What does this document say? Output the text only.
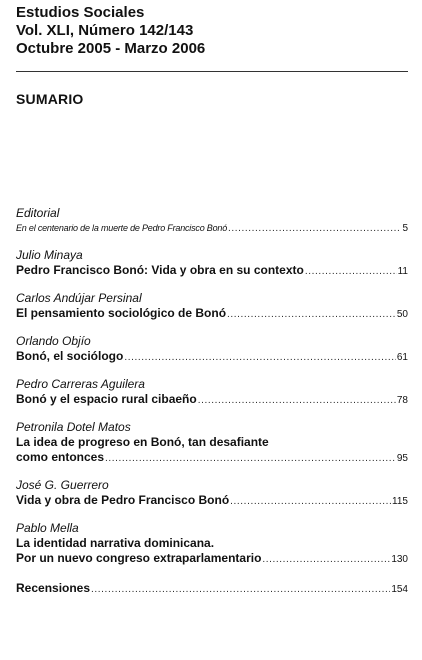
Estudios Sociales
Vol. XLI, Número 142/143
Octubre 2005 - Marzo 2006
SUMARIO
Editorial
En el centenario de la muerte de Pedro Francisco Bonó .....	5
Julio Minaya
Pedro Francisco Bonó: Vida y obra en su contexto .....	11
Carlos Andújar Persinal
El pensamiento sociológico de Bonó .....	50
Orlando Objío
Bonó, el sociólogo .....	61
Pedro Carreras Aguilera
Bonó y el espacio rural cibaeño .....	78
Petronila Dotel Matos
La idea de progreso en Bonó, tan desafiante
como entonces .....	95
José G. Guerrero
Vida y obra de Pedro Francisco Bonó .....	115
Pablo Mella
La identidad narrativa dominicana.
Por un nuevo congreso extraparlamentario .....	130
Recensiones .....	154
